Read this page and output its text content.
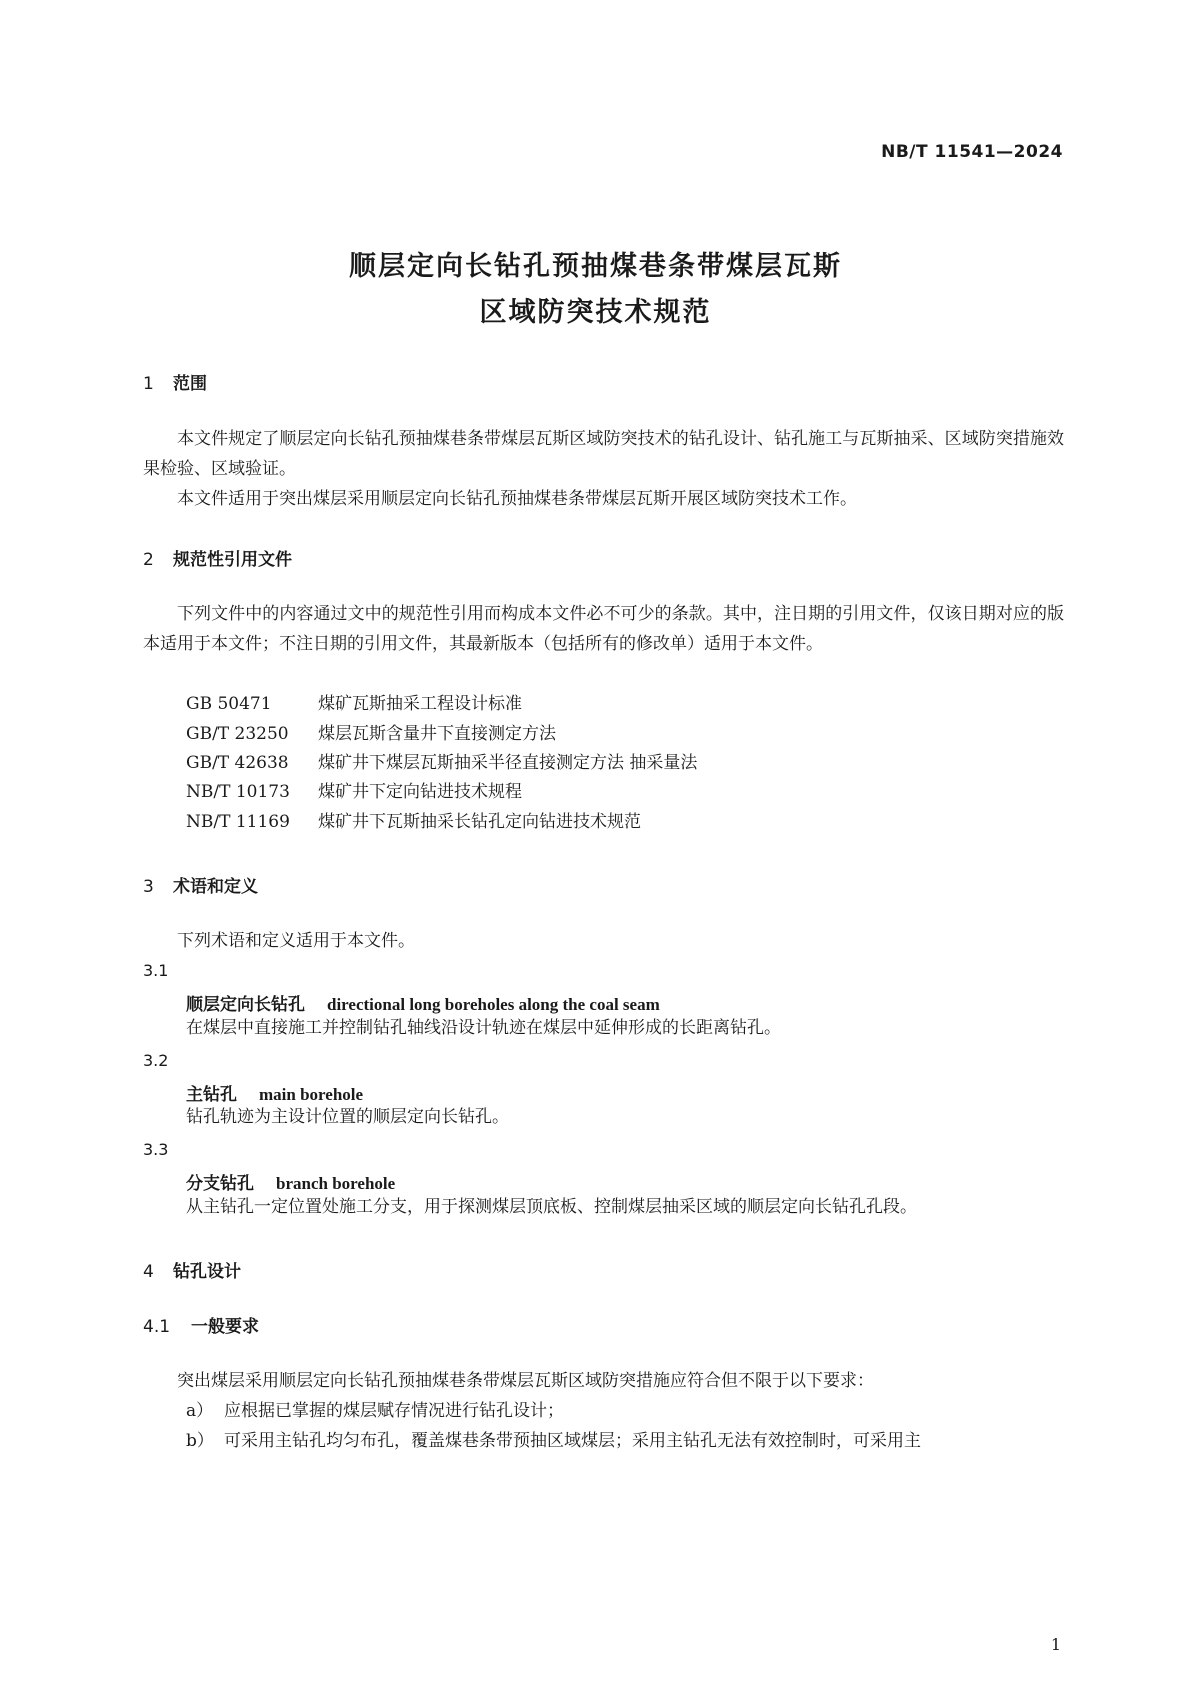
NB/T 11541—2024
顺层定向长钻孔预抽煤巷条带煤层瓦斯
区域防突技术规范
1 范围
本文件规定了顺层定向长钻孔预抽煤巷条带煤层瓦斯区域防突技术的钻孔设计、钻孔施工与瓦斯抽采、区域防突措施效果检验、区域验证。
本文件适用于突出煤层采用顺层定向长钻孔预抽煤巷条带煤层瓦斯开展区域防突技术工作。
2 规范性引用文件
下列文件中的内容通过文中的规范性引用而构成本文件必不可少的条款。其中，注日期的引用文件，仅该日期对应的版本适用于本文件；不注日期的引用文件，其最新版本（包括所有的修改单）适用于本文件。
GB 50471	煤矿瓦斯抽采工程设计标准
GB/T 23250 煤层瓦斯含量井下直接测定方法
GB/T 42638 煤矿井下煤层瓦斯抽采半径直接测定方法 抽采量法
NB/T 10173 煤矿井下定向钻进技术规程
NB/T 11169 煤矿井下瓦斯抽采长钻孔定向钻进技术规范
3 术语和定义
下列术语和定义适用于本文件。
3.1
顺层定向长钻孔 directional long boreholes along the coal seam
在煤层中直接施工并控制钻孔轴线沿设计轨迹在煤层中延伸形成的长距离钻孔。
3.2
主钻孔 main borehole
钻孔轨迹为主设计位置的顺层定向长钻孔。
3.3
分支钻孔 branch borehole
从主钻孔一定位置处施工分支，用于探测煤层顶底板、控制煤层抽采区域的顺层定向长钻孔孔段。
4 钻孔设计
4.1 一般要求
突出煤层采用顺层定向长钻孔预抽煤巷条带煤层瓦斯区域防突措施应符合但不限于以下要求：
a） 应根据已掌握的煤层赋存情况进行钻孔设计；
b） 可采用主钻孔均匀布孔，覆盖煤巷条带预抽区域煤层；采用主钻孔无法有效控制时，可采用主
1
